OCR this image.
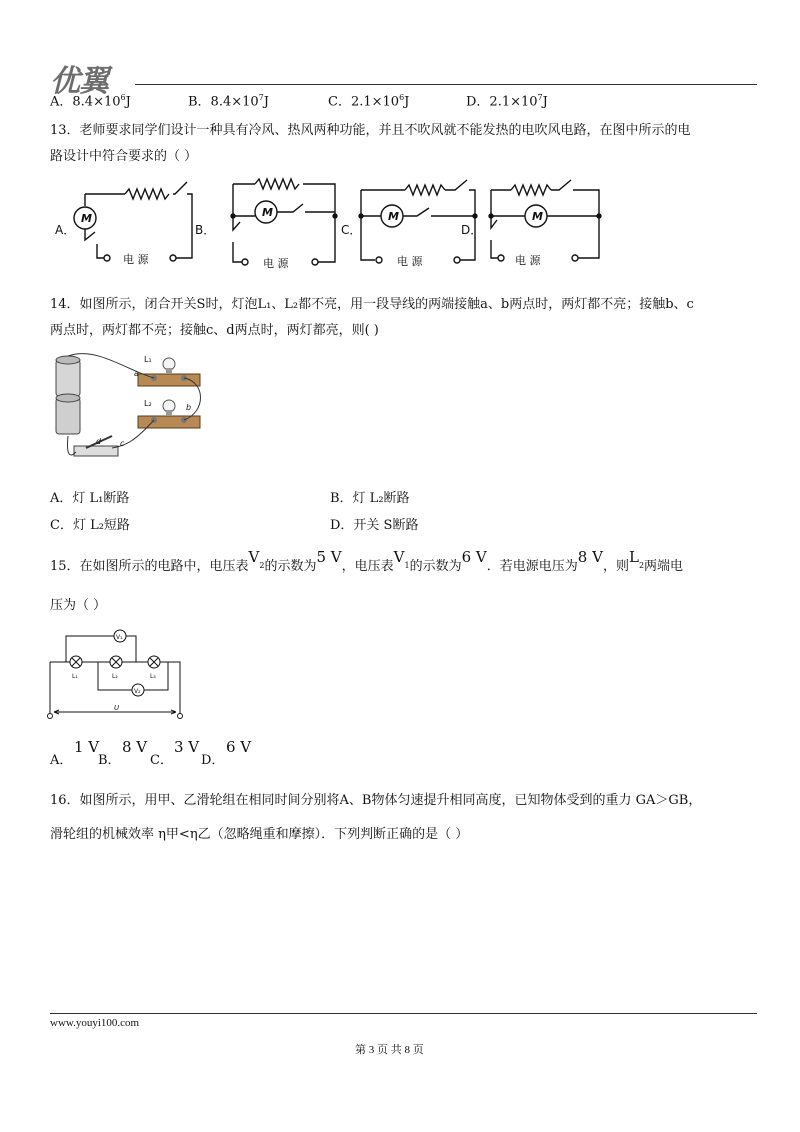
优翼
A．$8.4\times 10^6J$	B．$8.4\times 10^7J$	C．$2.1\times 10^6J$	D．$2.1\times 10^7J$
13．老师要求同学们设计一种具有冷风、热风两种功能，并且不吹风就不能发热的电吹风电路，在图中所示的电
路设计中符合要求的（ ）
A．
M
电 源
B．
M
电 源
C．
M
电 源
D．
M
电 源
14．如图所示，闭合开关S时，灯泡L₁、L₂都不亮，用一段导线的两端接触a、b两点时，两灯都不亮；接触b、c
两点时，两灯都不亮；接触c、d两点时，两灯都亮，则( )
L₁
L₂
a
b
c
d
A．灯 L₁断路	B．灯 L₂断路
C．灯 L₂短路	D．开关 S断路
15．在如图所示的电路中，电压表$V_2$的示数为5 V，电压表$V_1$的示数为6 V．若电源电压为8 V，则$L_2$两端电
压为（ ）
V₁
V₂
L₁	L₂	L₃
U
A．
1 V
B．
8 V
C．
3 V
D．
6 V
16．如图所示，用甲、乙滑轮组在相同时间分别将A、B物体匀速提升相同高度，已知物体受到的重力 GA＞GB，
滑轮组的机械效率 η甲<η乙（忽略绳重和摩擦）．下列判断正确的是（ ）
www.youyi100.com
第 3 页 共 8 页
